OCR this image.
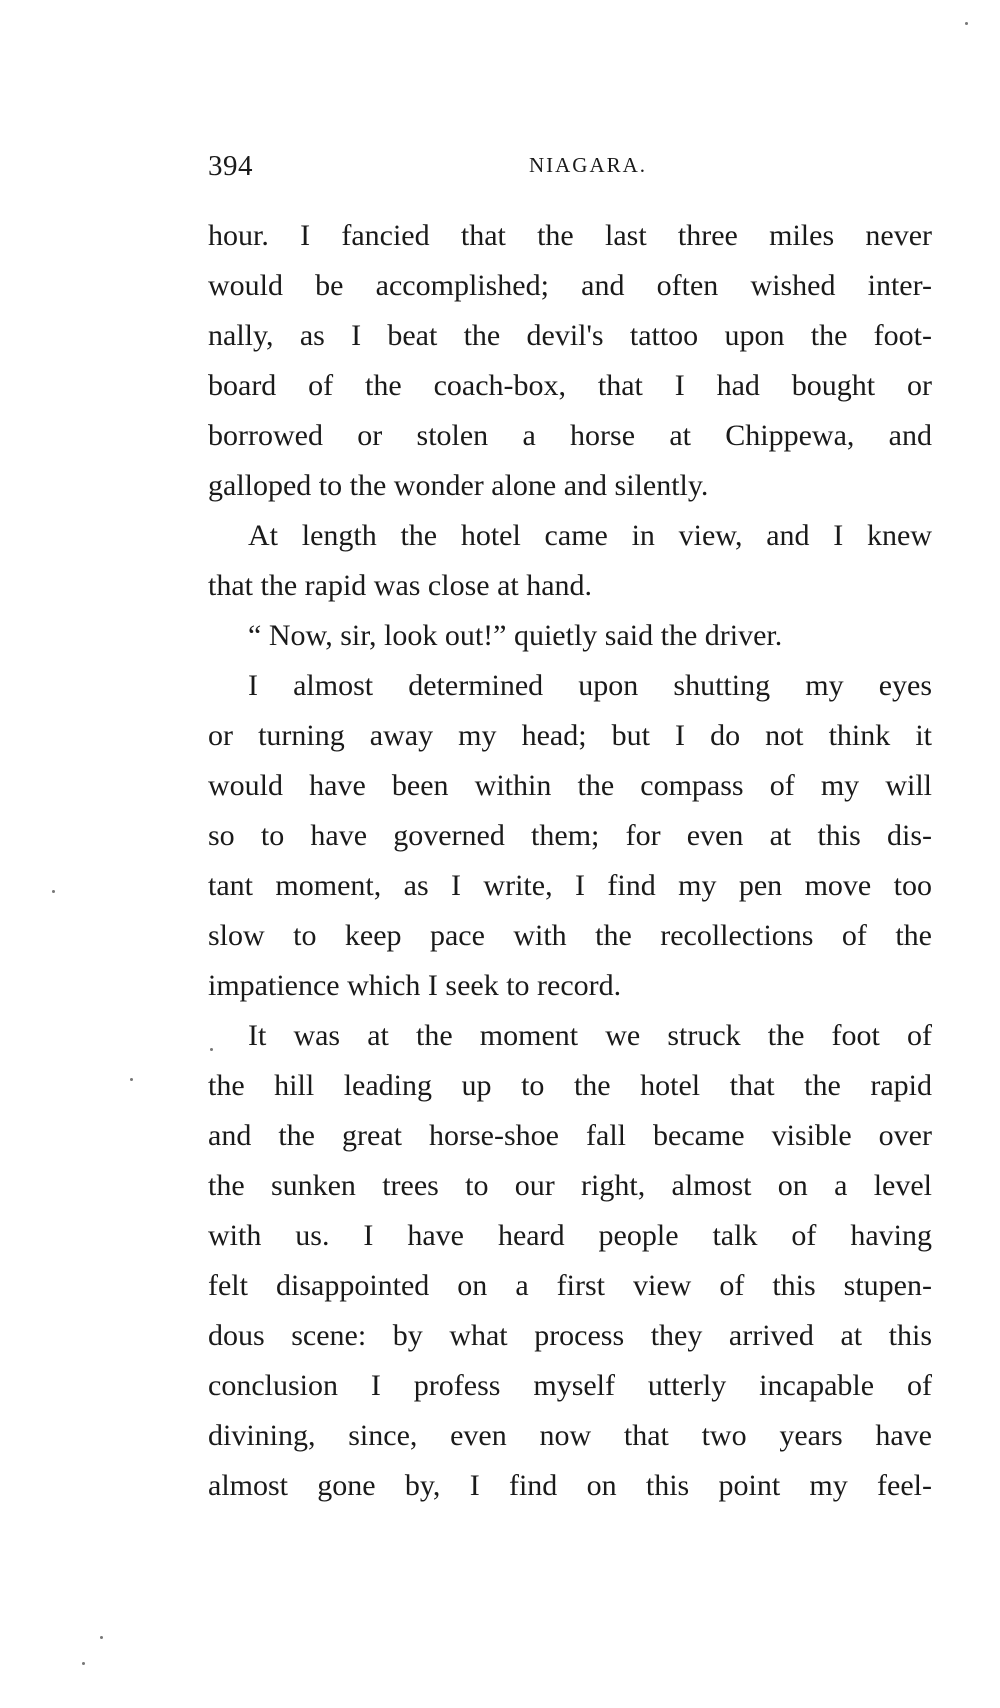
394	NIAGARA.
hour. I fancied that the last three miles never
would be accomplished; and often wished inter-
nally, as I beat the devil's tattoo upon the foot-
board of the coach-box, that I had bought or
borrowed or stolen a horse at Chippewa, and
galloped to the wonder alone and silently.
At length the hotel came in view, and I knew
that the rapid was close at hand.
“ Now, sir, look out!” quietly said the driver.
I almost determined upon shutting my eyes
or turning away my head; but I do not think it
would have been within the compass of my will
so to have governed them; for even at this dis-
tant moment, as I write, I find my pen move too
slow to keep pace with the recollections of the
impatience which I seek to record.
It was at the moment we struck the foot of
the hill leading up to the hotel that the rapid
and the great horse-shoe fall became visible over
the sunken trees to our right, almost on a level
with us. I have heard people talk of having
felt disappointed on a first view of this stupen-
dous scene: by what process they arrived at this
conclusion I profess myself utterly incapable of
divining, since, even now that two years have
almost gone by, I find on this point my feel-
